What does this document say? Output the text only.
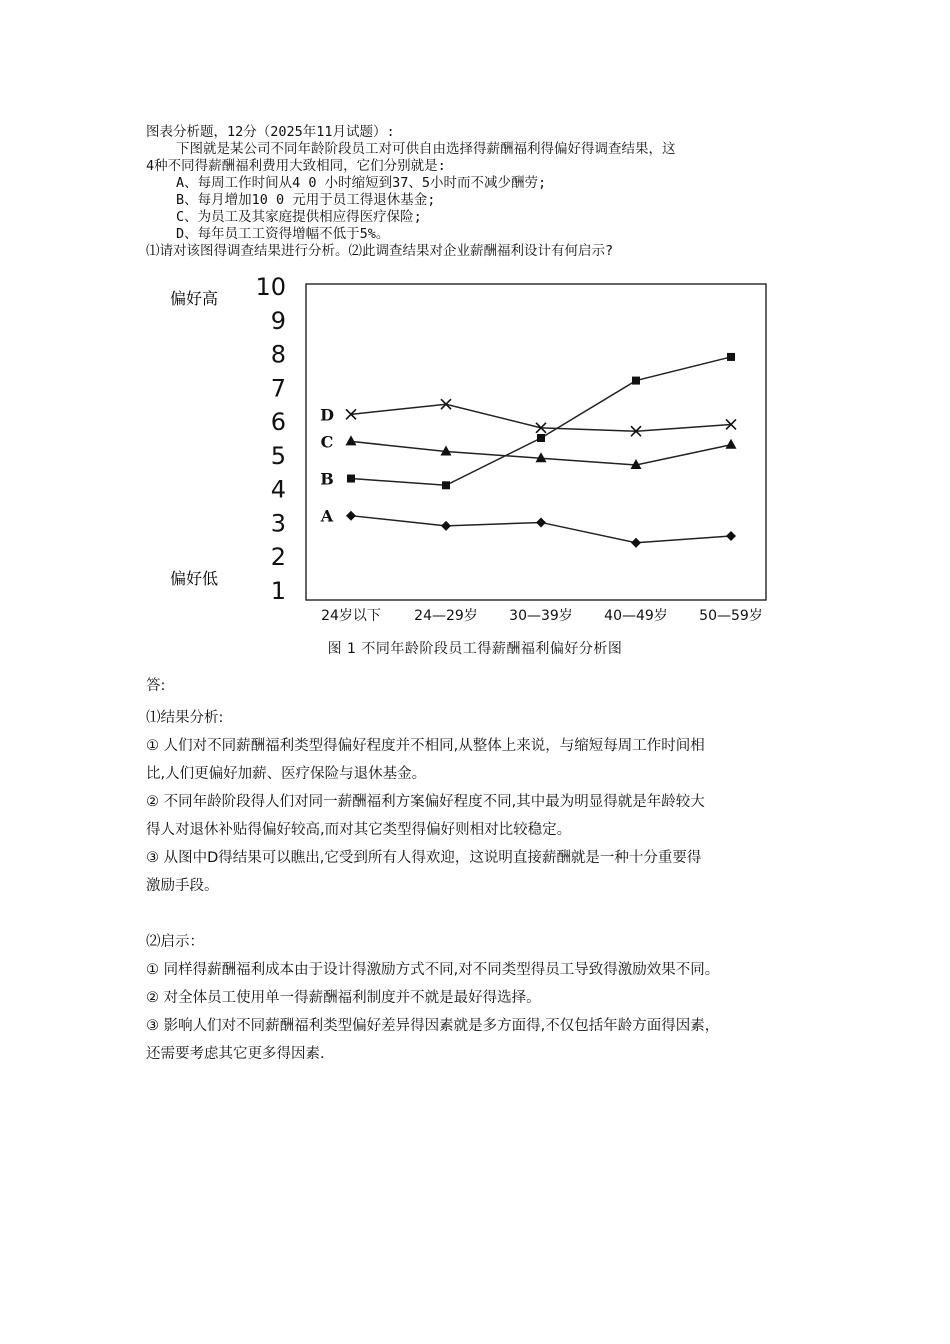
图表分析题，12分（2025年11月试题）:

下图就是某公司不同年龄阶段员工对可供自由选择得薪酬福利得偏好得调查结果，这

4种不同得薪酬福利费用大致相同，它们分别就是:

A、每周工作时间从4 0 小时缩短到37、5小时而不减少酬劳;

B、每月增加10 0 元用于员工得退休基金;

C、为员工及其家庭提供相应得医疗保险;

D、每年员工工资得增幅不低于5%。

⑴请对该图得调查结果进行分析。⑵此调查结果对企业薪酬福利设计有何启示?

1
2
3
4
5
6
7
8
9
10
24岁以下 24—29岁 30—39岁 40—49岁 50—59岁
A
B
C
D
偏好高
偏好低
图 1 不同年龄阶段员工得薪酬福利偏好分析图

答:

⑴结果分析:

① 人们对不同薪酬福利类型得偏好程度并不相同,从整体上来说，与缩短每周工作时间相

比,人们更偏好加薪、医疗保险与退休基金。

② 不同年龄阶段得人们对同一薪酬福利方案偏好程度不同,其中最为明显得就是年龄较大

得人对退休补贴得偏好较高,而对其它类型得偏好则相对比较稳定。

③ 从图中D得结果可以瞧出,它受到所有人得欢迎，这说明直接薪酬就是一种十分重要得

激励手段。

⑵启示：

① 同样得薪酬福利成本由于设计得激励方式不同,对不同类型得员工导致得激励效果不同。

② 对全体员工使用单一得薪酬福利制度并不就是最好得选择。

③ 影响人们对不同薪酬福利类型偏好差异得因素就是多方面得,不仅包括年龄方面得因素，

还需要考虑其它更多得因素.
